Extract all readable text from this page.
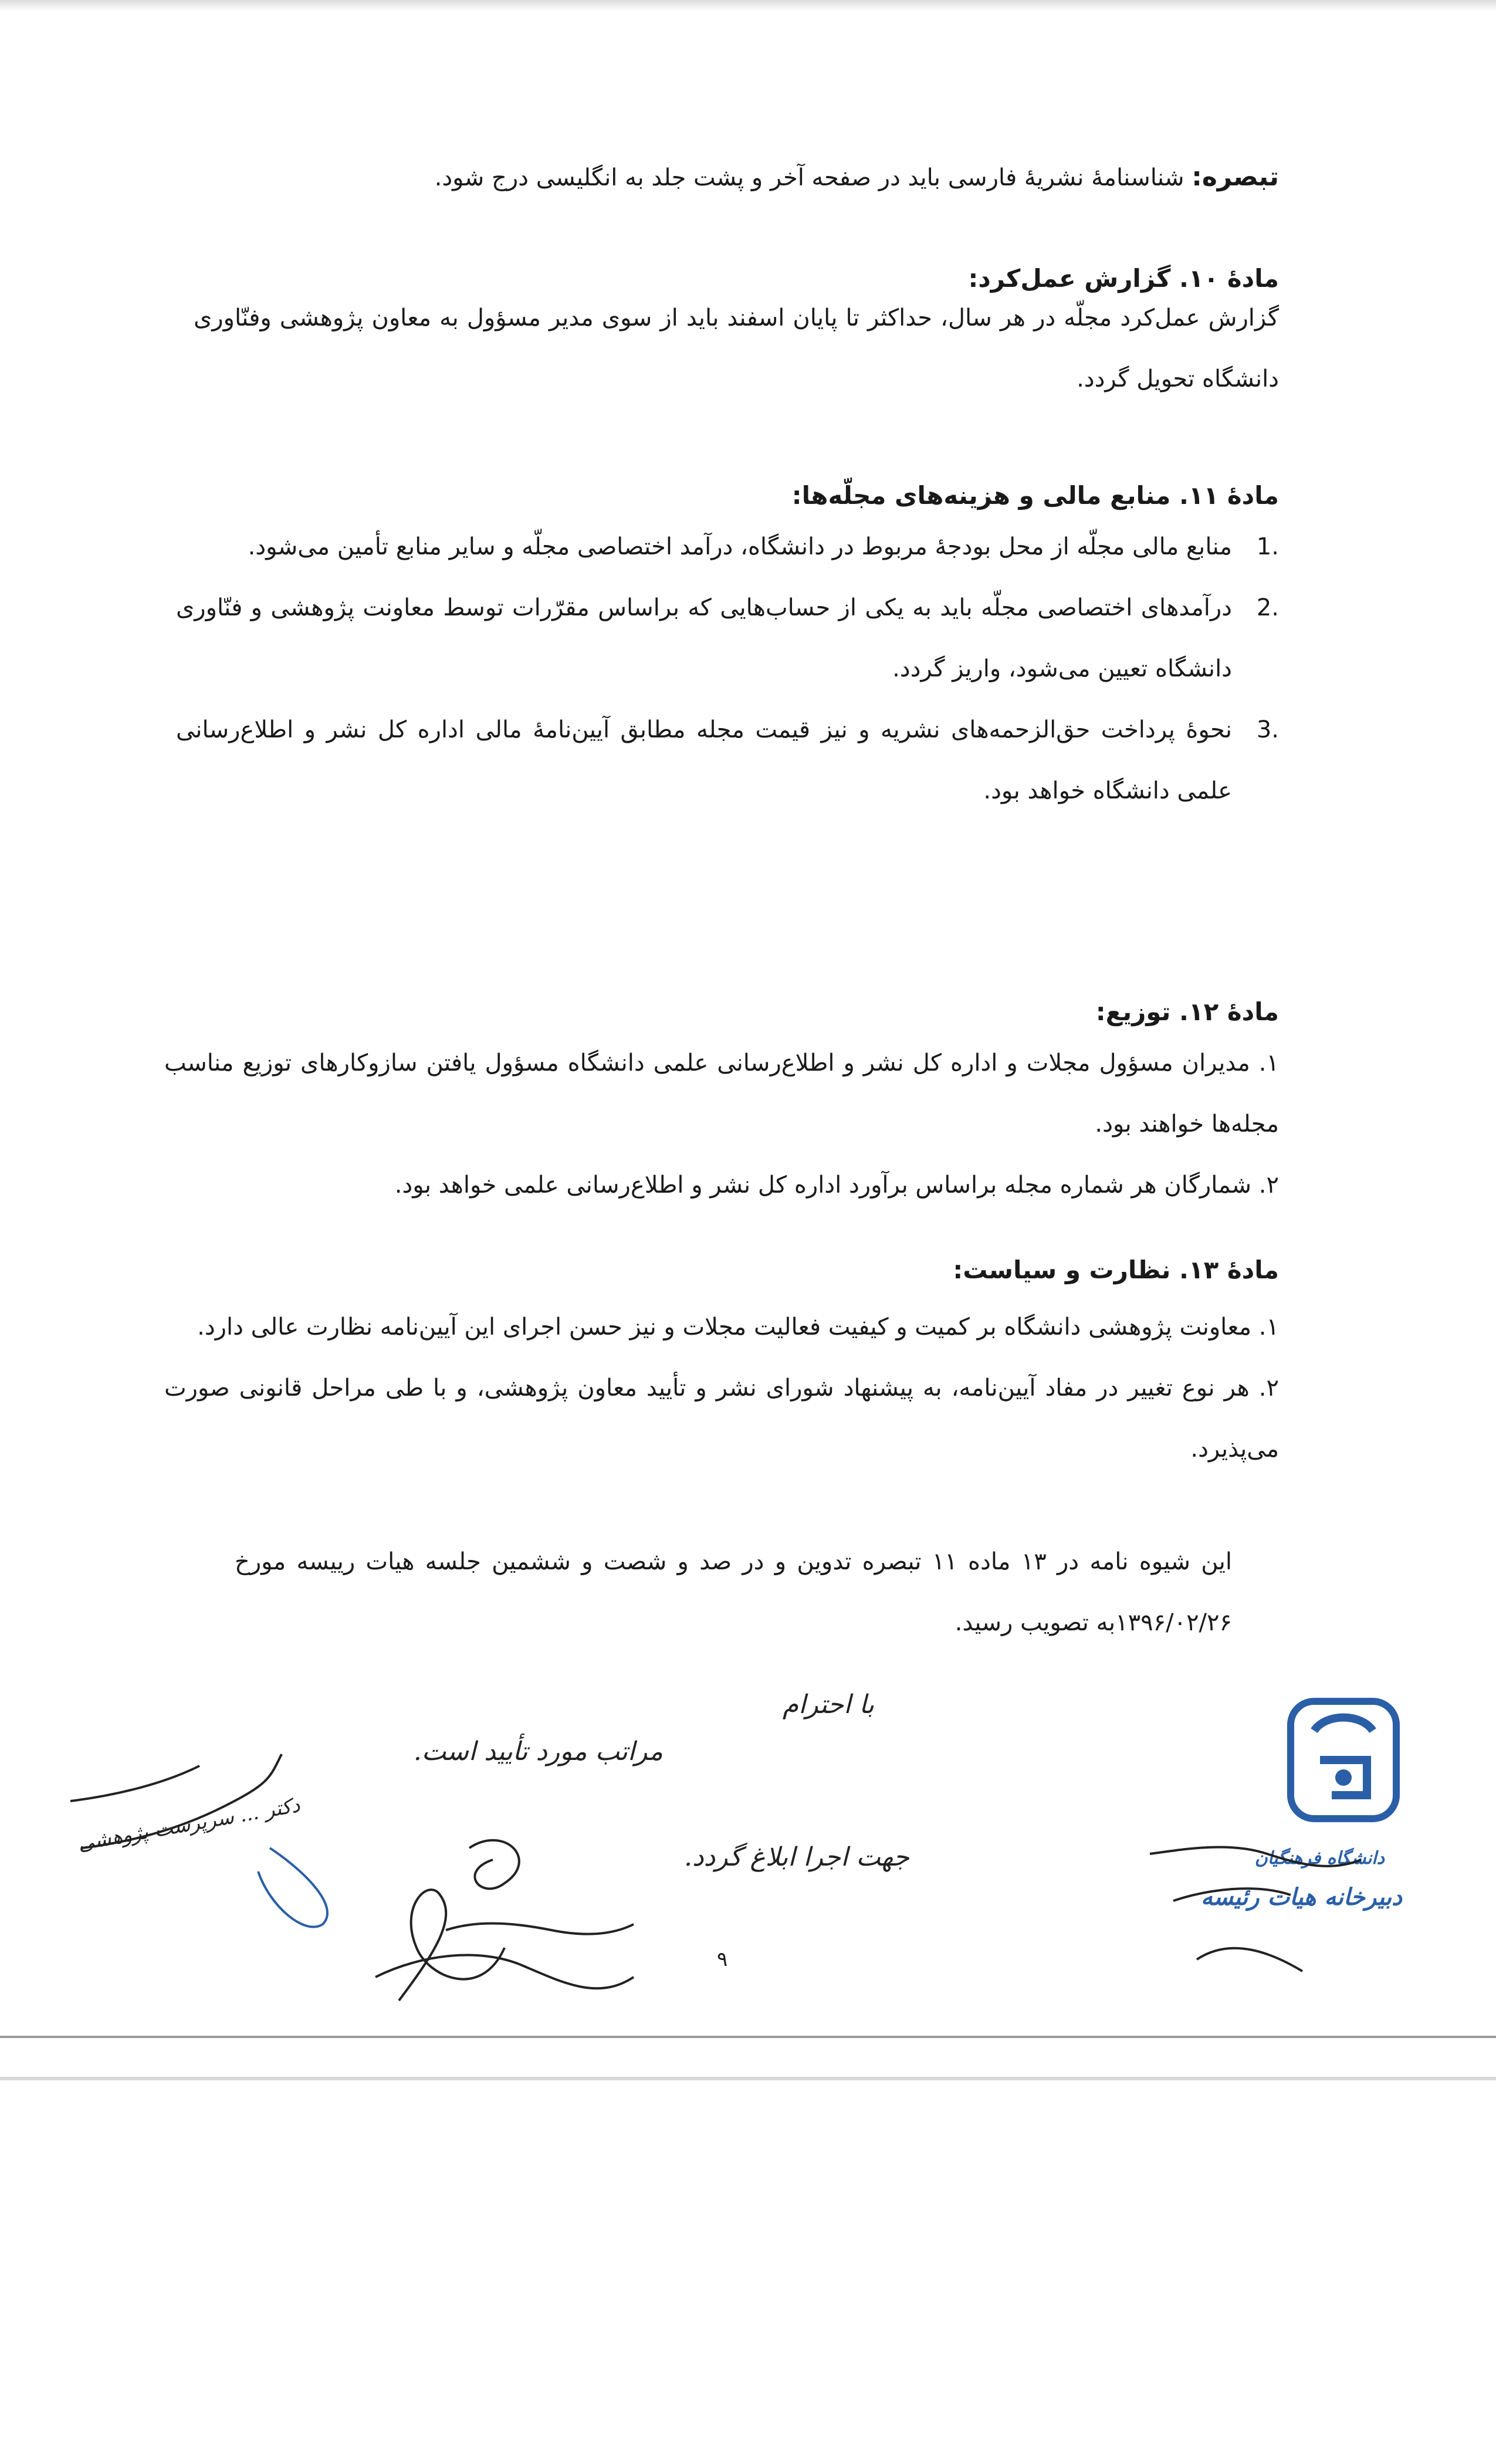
تبصره: شناسنامۀ نشریۀ فارسی باید در صفحه آخر و پشت جلد به انگلیسی درج شود.
مادۀ ۱۰. گزارش عمل‌کرد:
گزارش عمل‌کرد مجلّه در هر سال، حداکثر تا پایان اسفند باید از سوی مدیر مسؤول به معاون پژوهشی وفنّاوری دانشگاه تحویل گردد.
مادۀ ۱۱. منابع مالی و هزینه‌های مجلّه‌ها:
.1
منابع مالی مجلّه از محل بودجۀ مربوط در دانشگاه، درآمد اختصاصی مجلّه و سایر منابع تأمین می‌شود.
.2
درآمدهای اختصاصی مجلّه باید به یکی از حساب‌هایی که براساس مقرّرات توسط معاونت پژوهشی و فنّاوری دانشگاه تعیین می‌شود، واریز گردد.
.3
نحوۀ پرداخت حق‌الزحمه‌های نشریه و نیز قیمت مجله مطابق آیین‌نامۀ مالی اداره کل نشر و اطلاع‌رسانی علمی دانشگاه خواهد بود.
مادۀ ۱۲. توزیع:
۱. مدیران مسؤول مجلات و اداره کل نشر و اطلاع‌رسانی علمی دانشگاه مسؤول یافتن سازوکارهای توزیع مناسب مجله‌ها خواهند بود.
۲. شمارگان هر شماره مجله براساس برآورد اداره کل نشر و اطلاع‌رسانی علمی خواهد بود.
مادۀ ۱۳. نظارت و سیاست:
۱. معاونت پژوهشی دانشگاه بر کمیت و کیفیت فعالیت مجلات و نیز حسن اجرای این آیین‌نامه نظارت عالی دارد.
۲. هر نوع تغییر در مفاد آیین‌نامه، به پیشنهاد شورای نشر و تأیید معاون پژوهشی، و با طی مراحل قانونی صورت می‌پذیرد.
این شیوه نامه در ۱۳ ماده ۱۱ تبصره تدوین و در صد و شصت و ششمین جلسه هیات رییسه مورخ ۱۳۹۶/۰۲/۲۶به تصویب رسید.
با احترام
مراتب مورد تأیید است.
جهت اجرا ابلاغ گردد.
دکتر ... سرپرست پژوهشی
دانشگاه فرهنگیان
دبیرخانه هیات رئیسه
۹
